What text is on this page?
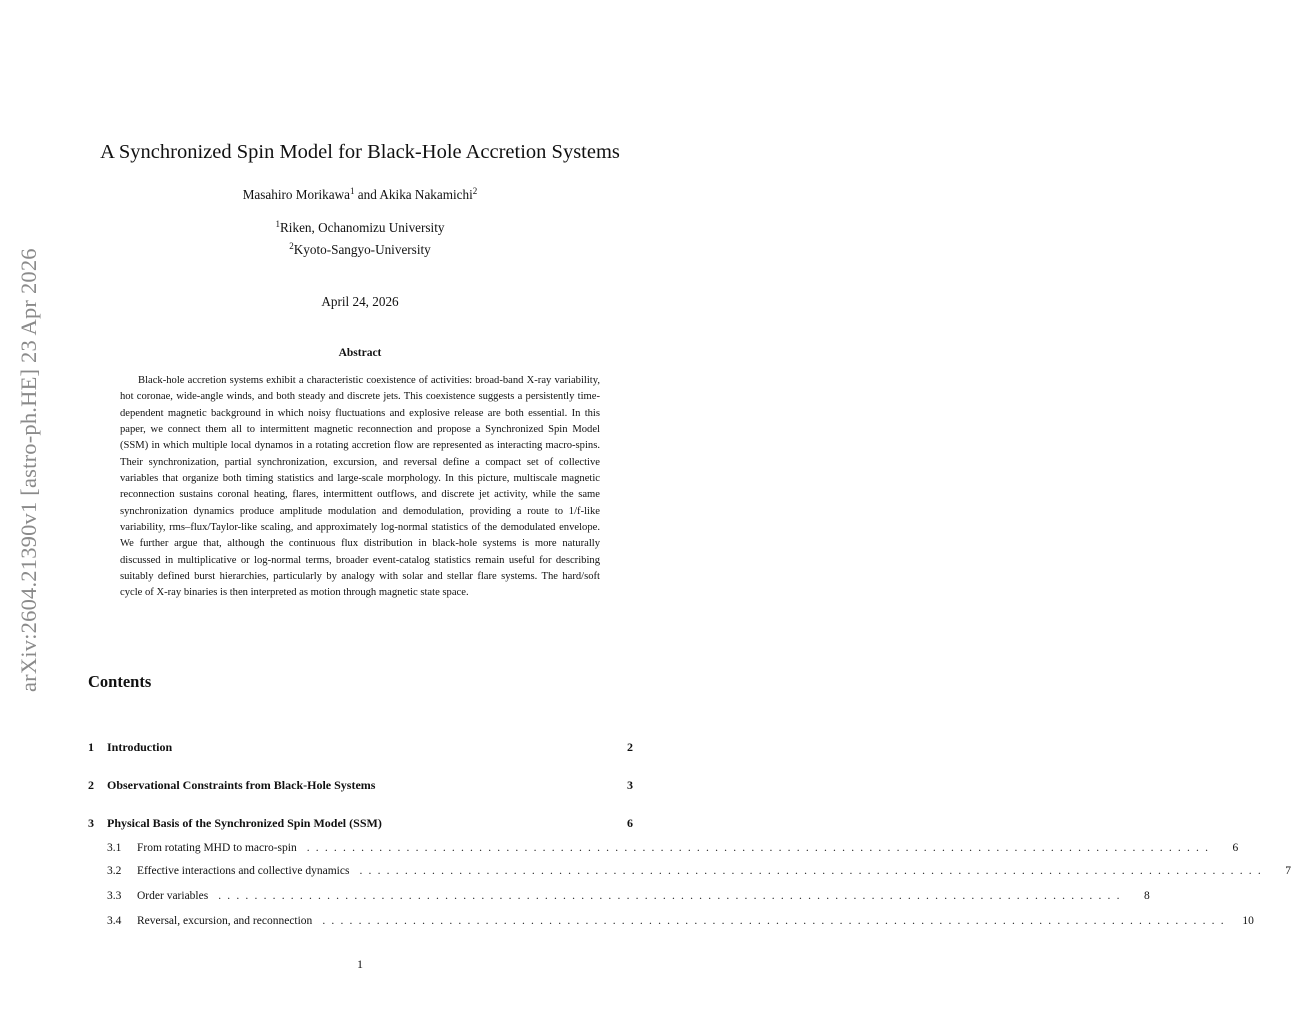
arXiv:2604.21390v1 [astro-ph.HE] 23 Apr 2026
A Synchronized Spin Model for Black-Hole Accretion Systems
Masahiro Morikawa$^1$ and Akika Nakamichi$^2$
$^1$Riken, Ochanomizu University
$^2$Kyoto-Sangyo-University
April 24, 2026
Abstract
Black-hole accretion systems exhibit a characteristic coexistence of activities: broad-band X-ray variability, hot coronae, wide-angle winds, and both steady and discrete jets. This coexistence suggests a persistently time-dependent magnetic background in which noisy fluctuations and explosive release are both essential. In this paper, we connect them all to intermittent magnetic reconnection and propose a Synchronized Spin Model (SSM) in which multiple local dynamos in a rotating accretion flow are represented as interacting macro-spins. Their synchronization, partial synchronization, excursion, and reversal define a compact set of collective variables that organize both timing statistics and large-scale morphology. In this picture, multiscale magnetic reconnection sustains coronal heating, flares, intermittent outflows, and discrete jet activity, while the same synchronization dynamics produce amplitude modulation and demodulation, providing a route to 1/f-like variability, rms–flux/Taylor-like scaling, and approximately log-normal statistics of the demodulated envelope. We further argue that, although the continuous flux distribution in black-hole systems is more naturally discussed in multiplicative or log-normal terms, broader event-catalog statistics remain useful for describing suitably defined burst hierarchies, particularly by analogy with solar and stellar flare systems. The hard/soft cycle of X-ray binaries is then interpreted as motion through magnetic state space.
Contents
1 Introduction	2
2 Observational Constraints from Black-Hole Systems	3
3 Physical Basis of the Synchronized Spin Model (SSM)	6
3.1	From rotating MHD to macro-spin ....................................................................................................	6
3.2	Effective interactions and collective dynamics ....................................................................................................	7
3.3	Order variables ....................................................................................................	8
3.4	Reversal, excursion, and reconnection .................................................................................................... 10
1
